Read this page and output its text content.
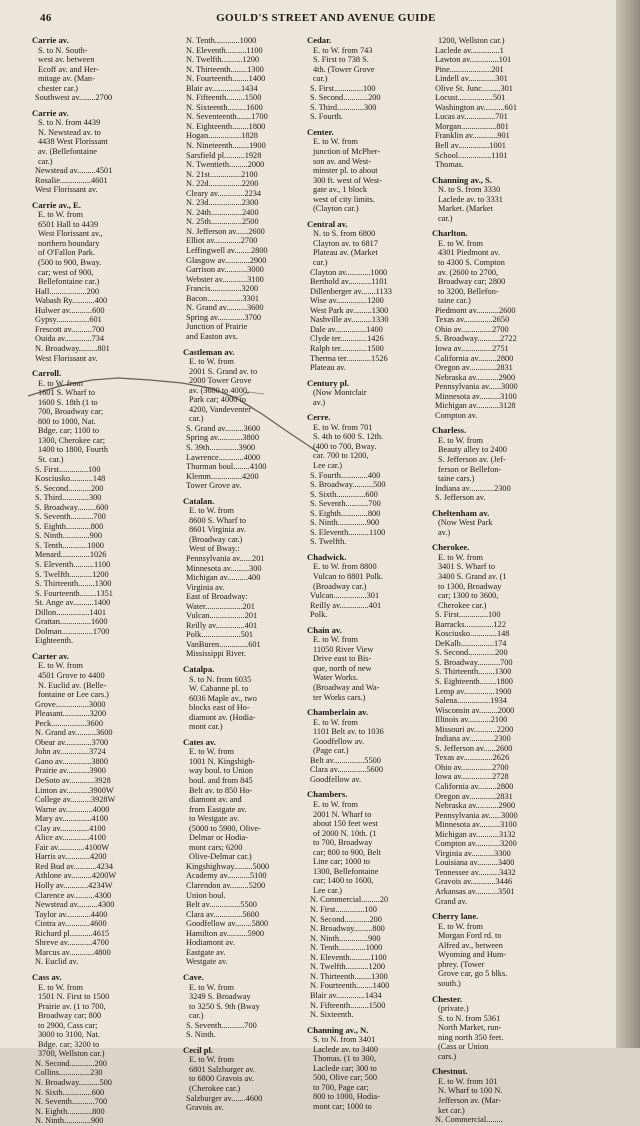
46	GOULD'S STREET AND AVENUE GUIDE
Carrie av.
S. to N. South-
west av. between
Ecoff av. and Her-
mitage av. (Man-
chester car.)
Southwest av........2700
Carrie av.
S. to N. from 4439
N. Newstead av. to
4438 West Florissant
av. (Bellefontaine
car.)
Newstead av.........4501
Rosalie...............4601
West Florissant av.
Carrie av., E.
E. to W. from
6501 Hall to 4439
West Florissant av.,
northern boundary
of O'Fallon Park.
(500 to 900, Bway.
car; west of 900,
Bellefontaine car.)
Hall..................200
Wabash Ry...........400
Hulwer av...........600
Gypsy................601
Frescott av..........700
Ouida av.............734
N. Broadway.........801
West Florissant av.
Carroll.
E. to W. from
1601 S. Wharf to
1600 S. 18th (1 to
700, Broadway car;
800 to 1000, Nat.
Bdge. car; 1100 to
1300, Cherokee car;
1400 to 1800, Fourth
St. car.)
S. First..............100
Kosciusko...........148
S. Second...........200
S. Third.............300
S. Broadway.........600
S. Seventh...........700
S. Eighth............800
S. Ninth.............900
S. Tenth............1000
Menard..............1026
S. Eleventh..........1100
S. Twelfth...........1200
S. Thirteenth........1300
S. Fourteenth........1351
St. Ange av..........1400
Dillon................1401
Grattan...............1600
Dolman...............1700
Eighteenth.
Carter av.
E. to W. from
4501 Grove to 4400
N. Euclid av. (Belle-
fontaine or Lee cars.)
Grove................3000
Pleasant.............3200
Peck.................3600
N. Grand av..........3600
Obear av.............3700
John av..............3724
Gano av..............3800
Prairie av...........3900
DeSoto av............3928
Linton av...........3900W
College av..........3928W
Warne av.............4000
Mary av..............4100
Clay av..............4100
Alice av.............4100
Fair av.............4100W
Harris av............4200
Red Bud av...........4234
Athlone av..........4200W
Holly av............4234W
Clarence av..........4300
Newstead av..........4300
Taylor av............4400
Cintra av............4600
Richard pl...........4615
Shreve av............4700
Marcus av............4800
N. Euclid av.
Cass av.
E. to W. from
1501 N. First to 1500
Prairie av. (1 to 700,
Broadway car; 800
to 2900, Cass car;
3000 to 3100, Nat.
Bdge. car; 3200 to
3700, Wellston car.)
N. Second............200
Collins...............230
N. Broadway..........500
N. Sixth..............600
N. Seventh...........700
N. Eighth............800
N. Ninth.............900
N. Tenth............1000
N. Eleventh..........1100
N. Twelfth..........1200
N. Thirteenth........1300
N. Fourteenth........1400
Blair av..............1434
N. Fifteenth.........1500
N. Sixteenth.........1600
N. Seventeenth.......1700
N. Eighteenth........1800
Hogan................1828
N. Nineteenth........1900
Sarsfield pl..........1928
N. Twentieth.........2000
N. 21st...............2100
N. 22d................2200
Cleary av.............2234
N. 23d................2300
N. 24th...............2400
N. 25th...............2500
N. Jefferson av......2600
Elliot av.............2700
Leffingwell av........2800
Glasgow av............2900
Garrison av...........3000
Webster av............3100
Francis...............3200
Bacon.................3301
N. Grand av..........3600
Spring av.............3700
Junction of Prairie
and Easton avs.
Castleman av.
E. to W. from
2001 S. Grand av. to
2000 Tower Grove
av. (3600 to 4000,
Park car; 4000 to
4200, Vandeventer
car.)
S. Grand av.........3600
Spring av............3800
S. 39th..............3900
Lawrence............4000
Thurman boul........4100
Klemm...............4200
Tower Grove av.
Catalan.
E. to W. from
8600 S. Wharf to
8601 Virginia av.
(Broadway car.)
West of Bway.:
Pennsylvania av......201
Minnesota av.........300
Michigan av..........400
Virginia av.
East of Broadway:
Water..................201
Vulcan.................201
Reilly av..............401
Polk...................501
VanBuren..............601
Mississippi River.
Catalpa.
S. to N. from 6035
W. Cabanne pl. to
6036 Maple av., two
blocks east of Ho-
diamont av. (Hodia-
mont car.)
Cates av.
E. to W. from
1001 N. Kingshigh-
way boul. to Union
boul. and from 845
Belt av. to 850 Ho-
diamont av. and
from Eastgate av.
to Westgate av.
(5000 to 5900, Olive-
Delmar or Hodia-
mont cars; 6200
Olive-Delmar car.)
Kingshighway.........5000
Academy av...........5100
Clarendon av.........5200
Union boul.
Belt av...............5500
Clara av..............5600
Goodfellow av........5800
Hamilton av..........5900
Hodiamont av.
Eastgate av.
Westgate av.
Cave.
E. to W. from
3249 S. Broadway
to 3250 S. 9th (Bway
car.)
S. Seventh...........700
S. Ninth.
Cecil pl.
E. to W. from
6801 Salzburger av.
to 6800 Gravois av.
(Cherokee car.)
Salzburger av.......4600
Gravois av.
Cedar.
E. to W. from 743
S. First to 738 S.
4th. (Tower Grove
car.)
S. First..............100
S. Second............200
S. Third.............300
S. Fourth.
Center.
E. to W. from
junction of McPher-
son av. and West-
minster pl. to about
300 ft. west of West-
gate av., 1 block
west of city limits.
(Clayton car.)
Central av.
N. to S. from 6800
Clayton av. to 6817
Plateau av. (Market
car.)
Clayton av............1000
Berthold av...........1101
Dillenberger av.......1133
Wise av...............1200
West Park av.........1300
Nashville av..........1330
Dale av...............1400
Clyde ter.............1426
Ralph ter.............1500
Therma ter............1526
Plateau av.
Century pl.
(Now Montclair
av.)
Cerre.
E. to W. from 701
S. 4th to 600 S. 12th.
(400 to 700, Bway.
car. 700 to 1200,
Lee car.)
S. Fourth.............400
S. Broadway..........500
S. Sixth..............600
S. Seventh...........700
S. Eighth.............800
S. Ninth..............900
S. Eleventh..........1100
S. Twelfth.
Chadwick.
E. to W. from 8800
Vulcan to 8801 Polk.
(Broadway car.)
Vulcan................301
Reilly av..............401
Polk.
Chain av.
E. to W. from
11050 River View
Drive east to Bis-
que, north of new
Water Works.
(Broadway and Wa-
ter Works cars.)
Chamberlain av.
E. to W. from
1101 Belt av. to 1036
Goodfellow av.
(Page car.)
Belt av...............5500
Clara av..............5600
Goodfellow av.
Chambers.
E. to W. from
2001 N. Wharf to
about 150 feet west
of 2000 N. 10th. (1
to 700, Broadway
car; 800 to 900, Belt
Line car; 1000 to
1300, Bellefontaine
car; 1400 to 1600,
Lee car.)
N. Commercial.........20
N. First..............100
N. Second............200
N. Broadway.........800
N. Ninth..............900
N. Tenth.............1000
N. Eleventh..........1100
N. Twelfth...........1200
N. Thirteenth........1300
N. Fourteenth........1400
Blair av..............1434
N. Fifteenth.........1500
N. Sixteenth.
Channing av., N.
S. to N. from 3401
Laclede av. to 3400
Thomas. (1 to 300,
Laclede car; 300 to
500, Olive car; 500
to 700, Page car;
800 to 1000, Hodia-
mont car; 1000 to
1200, Wellston car.)
Laclede av..............1
Lawton av..............101
Pine....................201
Lindell av.............301
Olive St. Junc.........301
Locust.................501
Washington av..........601
Lucas av...............701
Morgan.................801
Franklin av............901
Bell av...............1001
School................1101
Thomas.
Channing av., S.
N. to S. from 3330
Laclede av. to 3331
Market. (Market
car.)
Charlton.
E. to W. from
4301 Piedmont av.
to 4300 S. Compton
av. (2600 to 2700,
Broadway car; 2800
to 3200, Bellefon-
taine car.)
Piedmont av...........2600
Texas av..............2650
Ohio av...............2700
S. Broadway...........2722
Iowa av...............2751
California av.........2800
Oregon av.............2831
Nebraska av...........2900
Pennsylvania av......3000
Minnesota av..........3100
Michigan av...........3128
Compton av.
Charless.
E. to W. from
Beauty alley to 2400
S. Jefferson av. (Jef-
ferson or Bellefon-
taine cars.)
Indiana av............2300
S. Jefferson av.
Cheltenham av.
(Now West Park
av.)
Cherokee.
E. to W. from
3401 S. Wharf to
3400 S. Grand av. (1
to 1300, Broadway
car; 1300 to 3600,
Cherokee car.)
S. First..............100
Barracks..............122
Kosciusko.............148
DeKalb................174
S. Second.............200
S. Broadway...........700
S. Thirteenth........1300
S. Eighteenth........1800
Lemp av...............1900
Salena................1934
Wisconsin av.........2000
Illinois av...........2100
Missouri av...........2200
Indiana av............2300
S. Jefferson av......2600
Texas av..............2626
Ohio av...............2700
Iowa av...............2728
California av.........2800
Oregon av.............2831
Nebraska av...........2900
Pennsylvania av......3000
Minnesota av..........3100
Michigan av...........3132
Compton av............3200
Virginia av...........3300
Louisiana av..........3400
Tennessee av..........3432
Gravois av............3446
Arkansas av...........3501
Grand av.
Cherry lane.
E. to W. from
Morgan Ford rd. to
Alfred av., between
Wyoming and Hum-
phrey. (Tower
Grove car, go 5 blks.
south.)
Chester.
(private.)
S. to N. from 5361
North Market, run-
ning north 350 feet.
(Cass or Union
cars.)
Chestnut.
E. to W. from 101
N. Wharf to 100 N.
Jefferson av. (Mar-
ket car.)
N. Commercial........
